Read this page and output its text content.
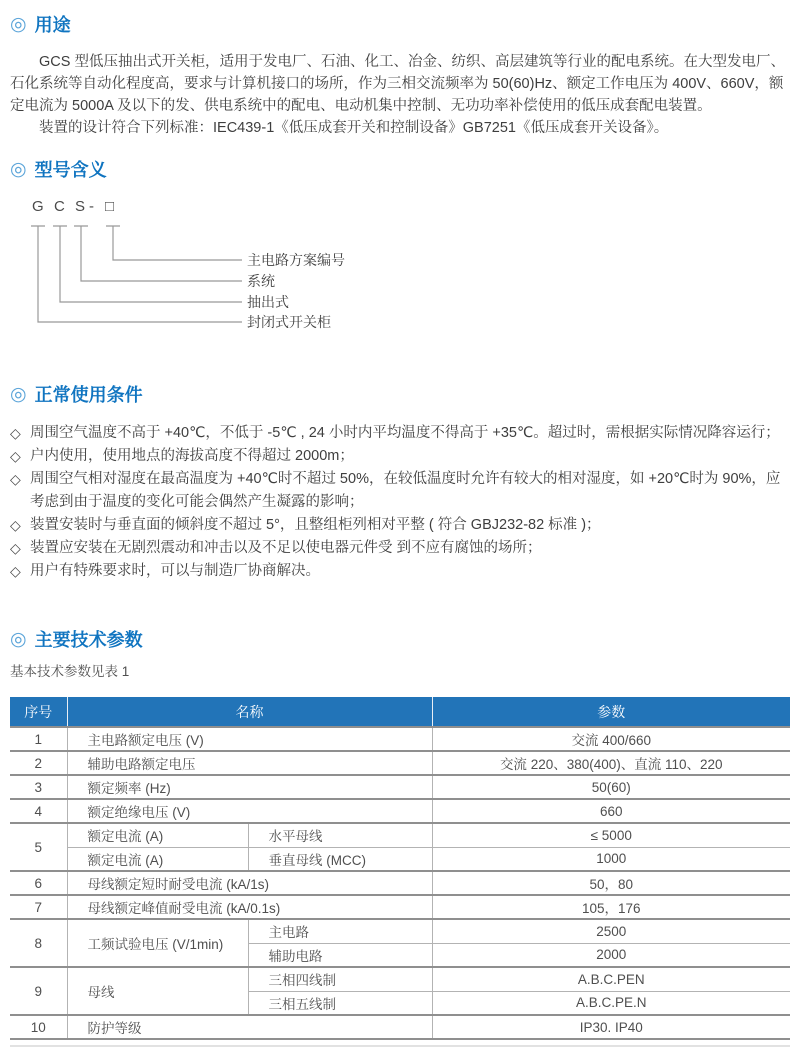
◎ 用途

GCS 型低压抽出式开关柜，适用于发电厂、石油、化工、冶金、纺织、高层建筑等行业的配电系统。在大型发电厂、石化系统等自动化程度高，要求与计算机接口的场所，作为三相交流频率为 50(60)Hz、额定工作电压为 400V、660V，额定电流为 5000A 及以下的发、供电系统中的配电、电动机集中控制、无功功率补偿使用的低压成套配电装置。

装置的设计符合下列标准：IEC439-1《低压成套开关和控制设备》GB7251《低压成套开关设备》。

◎ 型号含义
G C S - □
主电路方案编号
系统
抽出式
封闭式开关柜
◎ 正常使用条件
◇ 周围空气温度不高于 +40℃，不低于 -5℃ , 24 小时内平均温度不得高于 +35℃。超过时，需根据实际情况降容运行；
◇ 户内使用，使用地点的海拔高度不得超过 2000m；
◇ 周围空气相对湿度在最高温度为 +40℃时不超过 50%，在较低温度时允许有较大的相对湿度，如 +20℃时为 90%，应考虑到由于温度的变化可能会偶然产生凝露的影响；
◇ 装置安装时与垂直面的倾斜度不超过 5°，且整组柜列相对平整 ( 符合 GBJ232-82 标准 )；
◇ 装置应安装在无剧烈震动和冲击以及不足以使电器元件受 到不应有腐蚀的场所；
◇ 用户有特殊要求时，可以与制造厂协商解决。
◎ 主要技术参数
基本技术参数见表 1
序号	名称		参数
1	主电路额定电压 (V)		交流 400/660
2	辅助电路额定电压		交流 220、380(400)、直流 110、220
3	额定频率 (Hz)		50(60)
4	额定绝缘电压 (V)		660
5	额定电流 (A)	水平母线	≤ 5000
	额定电流 (A)	垂直母线 (MCC)	1000
6	母线额定短时耐受电流 (kA/1s)		50，80
7	母线额定峰值耐受电流 (kA/0.1s)		105，176
8	工频试验电压 (V/1min)	主电路	2500
		辅助电路	2000
9	母线	三相四线制	A.B.C.PEN
		三相五线制	A.B.C.PE.N
10	防护等级		IP30. IP40
